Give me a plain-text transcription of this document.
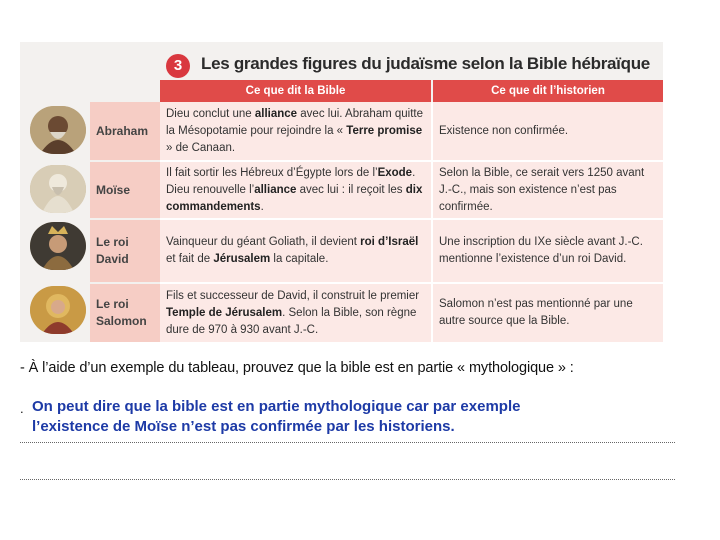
3	Les grandes figures du judaïsme selon la Bible hébraïque
Ce que dit la Bible	Ce que dit l’historien
Abraham
Dieu conclut une alliance avec lui. Abraham quitte la Mésopotamie pour rejoindre la « Terre promise » de Canaan.
Existence non confirmée.
Moïse
Il fait sortir les Hébreux d’Égypte lors de l’Exode. Dieu renouvelle l’alliance avec lui : il reçoit les dix commandements.
Selon la Bible, ce serait vers 1250 avant J.-C., mais son existence n’est pas confirmée.
Le roi
David
Vainqueur du géant Goliath, il devient roi d’Israël et fait de Jérusalem la capitale.
Une inscription du IXe siècle avant J.-C. mentionne l’existence d’un roi David.
Le roi
Salomon
Fils et successeur de David, il construit le premier Temple de Jérusalem. Selon la Bible, son règne dure de 970 à 930 avant J.-C.
Salomon n’est pas mentionné par une autre source que la Bible.
- À l’aide d’un exemple du tableau, prouvez que la bible est en partie « mythologique » :
. On peut dire que la bible est en partie mythologique car par exemple
l’existence de Moïse n’est pas confirmée par les historiens.
